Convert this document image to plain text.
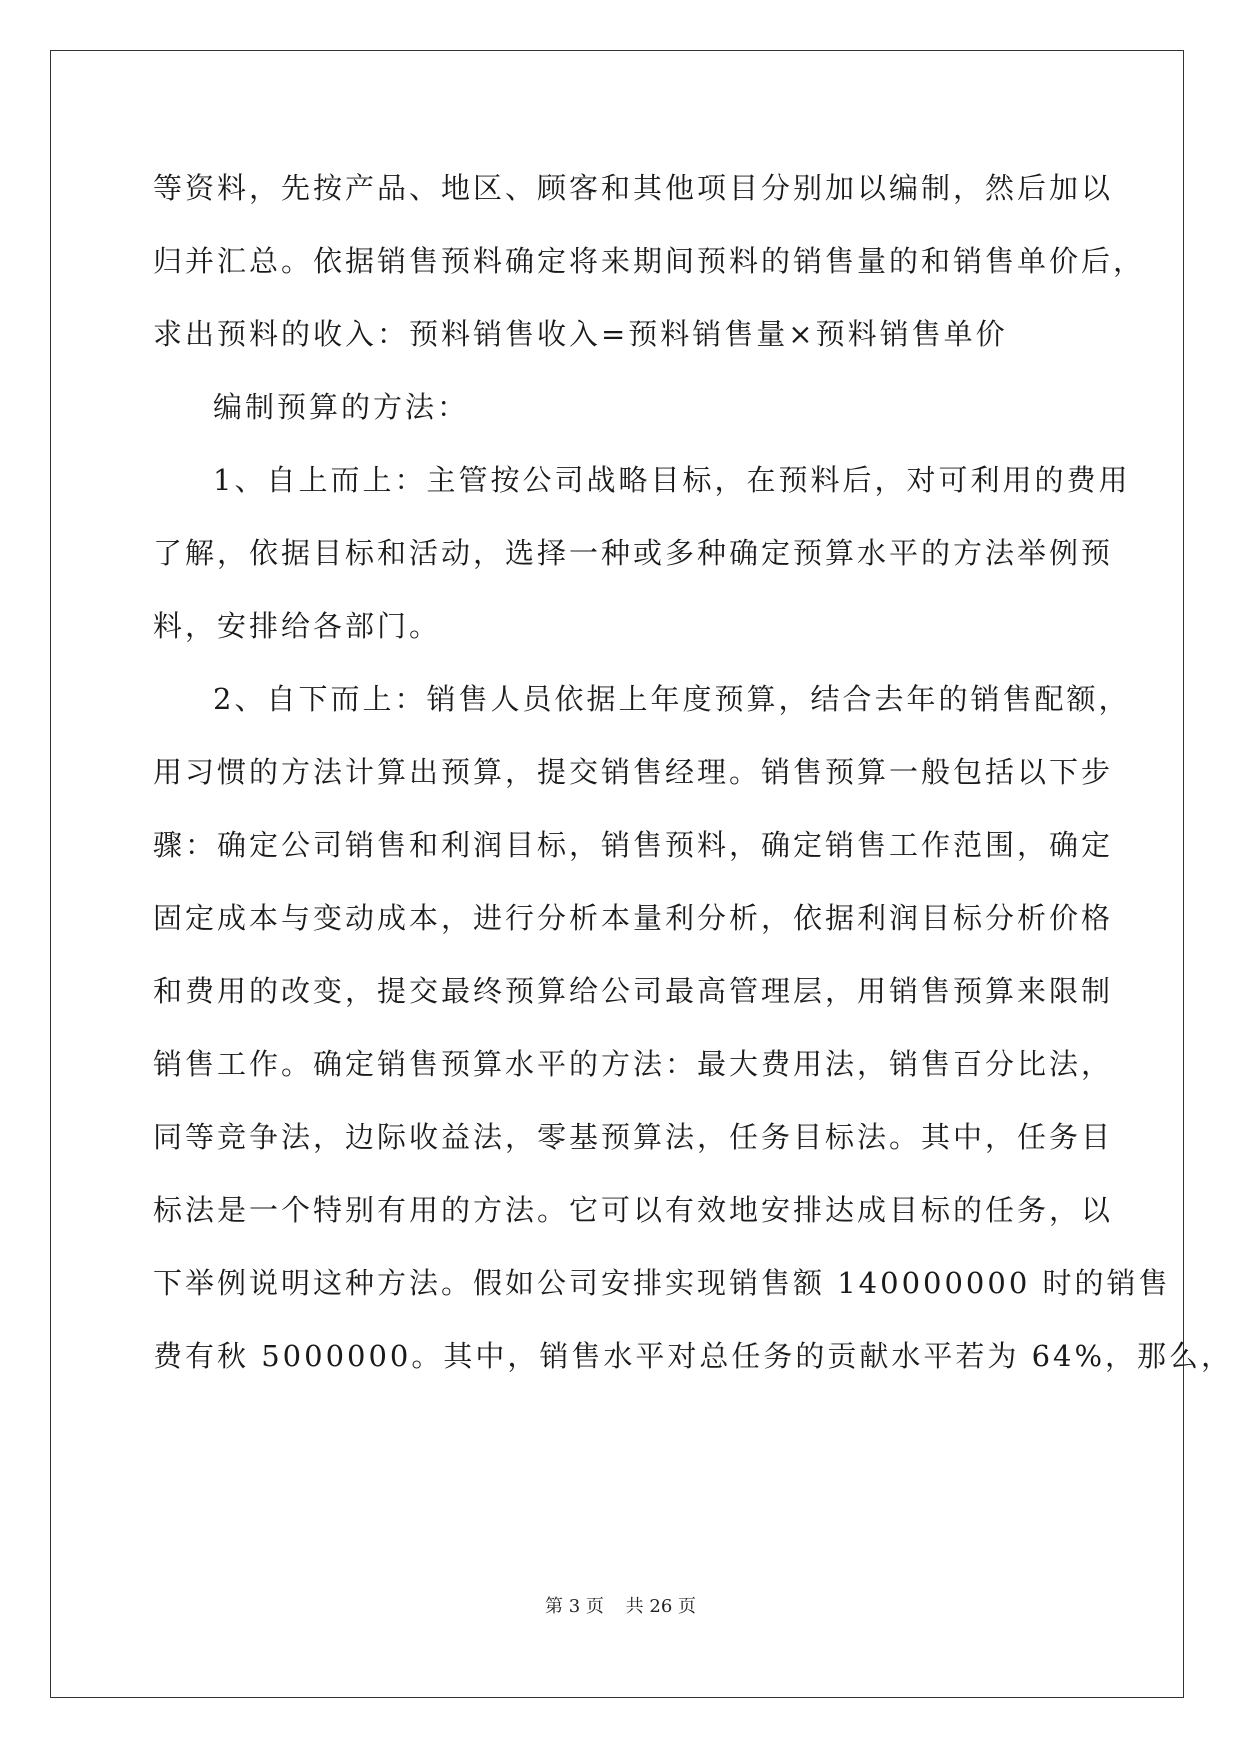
等资料，先按产品、地区、顾客和其他项目分别加以编制，然后加以
归并汇总。依据销售预料确定将来期间预料的销售量的和销售单价后，
求出预料的收入：预料销售收入=预料销售量×预料销售单价
编制预算的方法：
1、自上而上：主管按公司战略目标，在预料后，对可利用的费用
了解，依据目标和活动，选择一种或多种确定预算水平的方法举例预
料，安排给各部门。
2、自下而上：销售人员依据上年度预算，结合去年的销售配额，
用习惯的方法计算出预算，提交销售经理。销售预算一般包括以下步
骤：确定公司销售和利润目标，销售预料，确定销售工作范围，确定
固定成本与变动成本，进行分析本量利分析，依据利润目标分析价格
和费用的改变，提交最终预算给公司最高管理层，用销售预算来限制
销售工作。确定销售预算水平的方法：最大费用法，销售百分比法，
同等竞争法，边际收益法，零基预算法，任务目标法。其中，任务目
标法是一个特别有用的方法。它可以有效地安排达成目标的任务，以
下举例说明这种方法。假如公司安排实现销售额 140000000 时的销售
费有秋 5000000。其中，销售水平对总任务的贡献水平若为 64%，那么，
第 3 页 共 26 页
